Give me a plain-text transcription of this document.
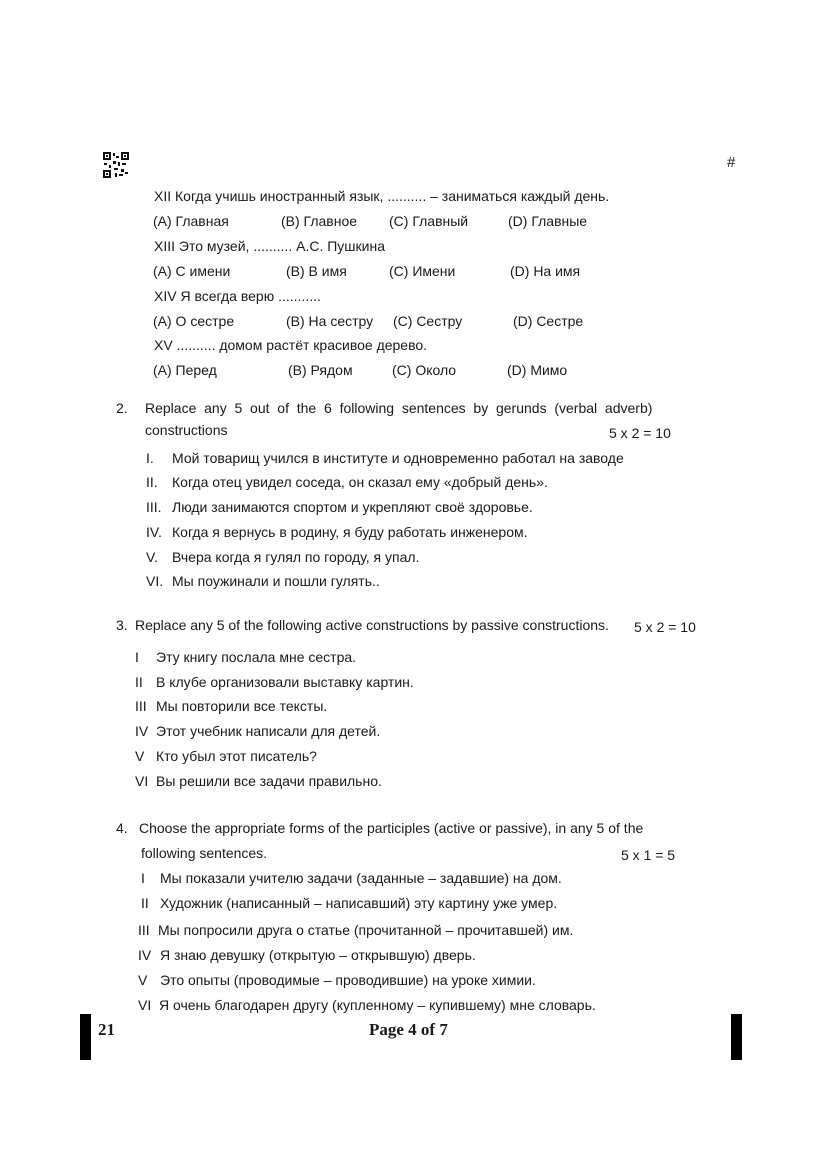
#
XII Когда учишь иностранный язык, .......... – заниматься каждый день.
(A) Главная	(B) Главное (C) Главный	(D) Главные
XIII Это музей, .......... А.С. Пушкина
(A) С имени	(B) В имя	(C) Имени	(D) На имя
XIV Я всегда верю ...........
(A) О сестре	(B) На сестру (C) Сестру	(D) Сестре
XV .......... домом растёт красивое дерево.
(A) Перед	(B) Рядом	(C) Около	(D) Мимо
2. Replace  any  5  out  of  the  6  following  sentences  by  gerunds  (verbal  adverb)
constructions	5 x 2 = 10
I. Мой товарищ учился в институте и одновременно работал на заводе
II. Когда отец увидел соседа, он сказал ему «добрый день».
III. Люди занимаются спортом и укрепляют своё здоровье.
IV. Когда я вернусь в родину, я буду работать инженером.
V. Вчера когда я гулял по городу, я упал.
VI. Мы поужинали и пошли гулять..
3. Replace any 5 of the following active constructions by passive constructions. 5 x 2 = 10
I Эту книгу послала мне сестра.
II В клубе организовали выставку картин.
III Мы повторили все тексты.
IV Этот учебник написали для детей.
V Кто убыл этот писатель?
VI Вы решили все задачи правильно.
4. Choose the appropriate forms of the participles (active or passive), in any 5 of the
following sentences.	5 x 1 = 5
I Мы показали учителю задачи (заданные – задавшие) на дом.
II Художник (написанный – написавший) эту картину уже умер.
III Мы попросили друга о статье (прочитанной – прочитавшей) им.
IV Я знаю девушку (открытую – открывшую) дверь.
V Это опыты (проводимые – проводившие) на уроке химии.
VI Я очень благодарен другу (купленному – купившему) мне словарь.
21	Page 4 of 7
